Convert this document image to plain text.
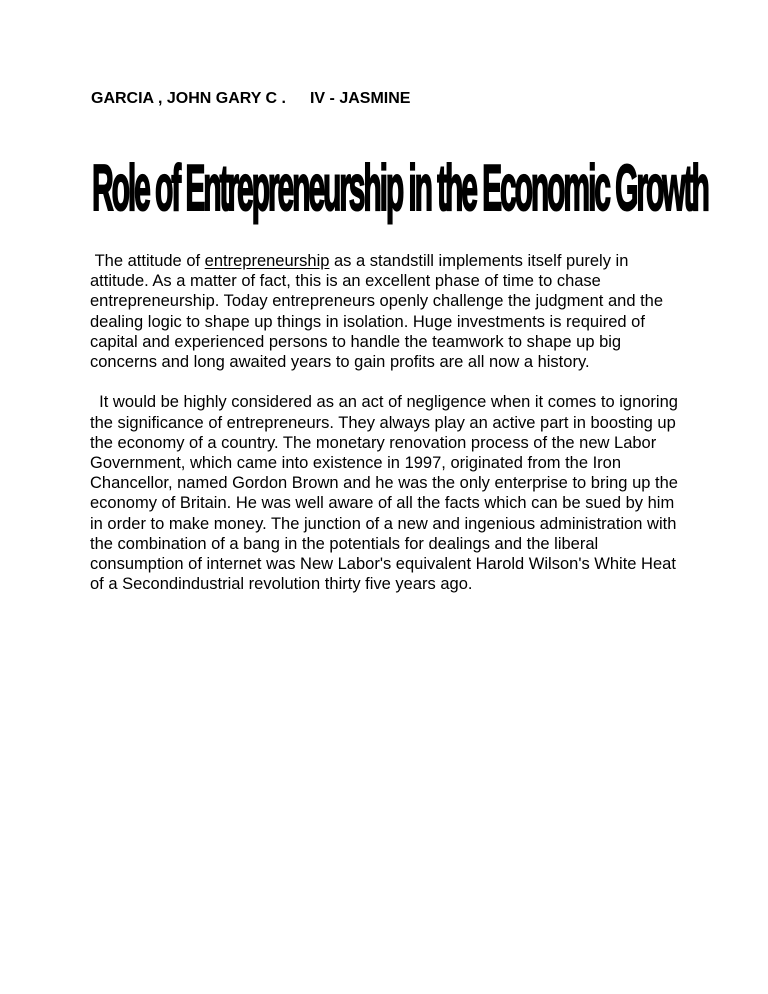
GARCIA , JOHN GARY C . IV - JASMINE
Role of Entrepreneurship in the Economic Growth

The attitude of entrepreneurship as a standstill implements itself purely in attitude. As a matter of fact, this is an excellent phase of time to chase entrepreneurship. Today entrepreneurs openly challenge the judgment and the dealing logic to shape up things in isolation. Huge investments is required of capital and experienced persons to handle the teamwork to shape up big concerns and long awaited years to gain profits are all now a history.

It would be highly considered as an act of negligence when it comes to ignoring the significance of entrepreneurs. They always play an active part in boosting up the economy of a country. The monetary renovation process of the new Labor Government, which came into existence in 1997, originated from the Iron Chancellor, named Gordon Brown and he was the only enterprise to bring up the economy of Britain. He was well aware of all the facts which can be sued by him in order to make money. The junction of a new and ingenious administration with the combination of a bang in the potentials for dealings and the liberal consumption of internet was New Labor's equivalent Harold Wilson's White Heat of a Secondindustrial revolution thirty five years ago.
